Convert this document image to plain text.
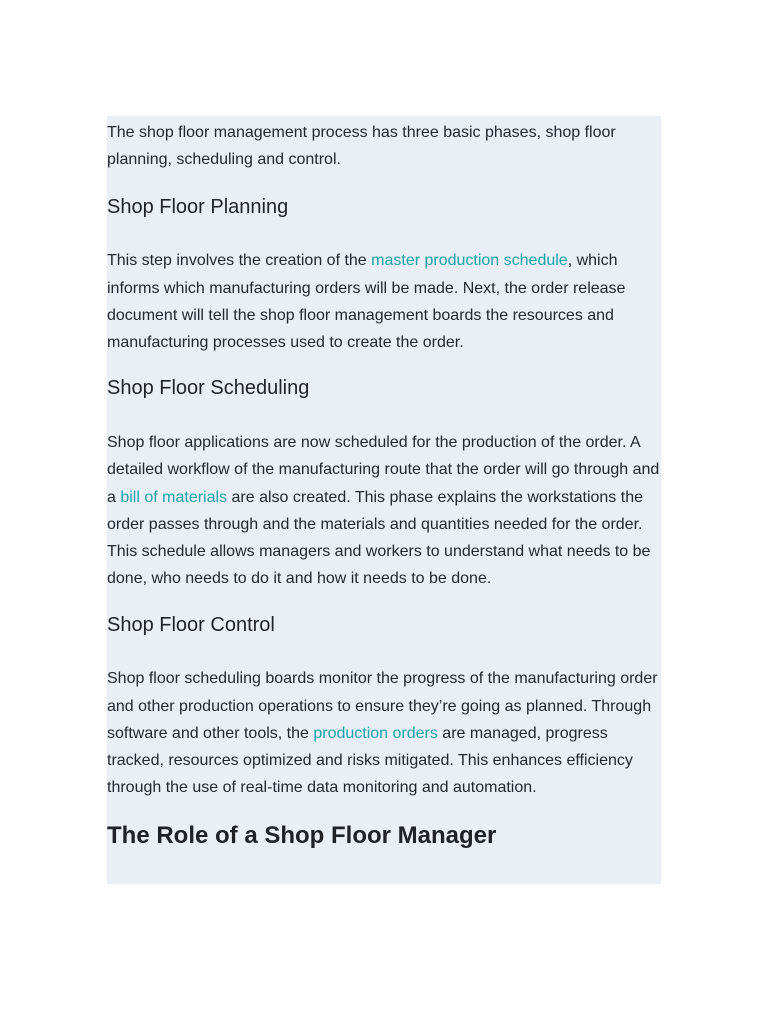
The shop floor management process has three basic phases, shop floor planning, scheduling and control.

Shop Floor Planning

This step involves the creation of the master production schedule, which informs which manufacturing orders will be made. Next, the order release document will tell the shop floor management boards the resources and manufacturing processes used to create the order.

Shop Floor Scheduling

Shop floor applications are now scheduled for the production of the order. A detailed workflow of the manufacturing route that the order will go through and a bill of materials are also created. This phase explains the workstations the order passes through and the materials and quantities needed for the order. This schedule allows managers and workers to understand what needs to be done, who needs to do it and how it needs to be done.

Shop Floor Control

Shop floor scheduling boards monitor the progress of the manufacturing order and other production operations to ensure they’re going as planned. Through software and other tools, the production orders are managed, progress tracked, resources optimized and risks mitigated. This enhances efficiency through the use of real-time data monitoring and automation.

The Role of a Shop Floor Manager
